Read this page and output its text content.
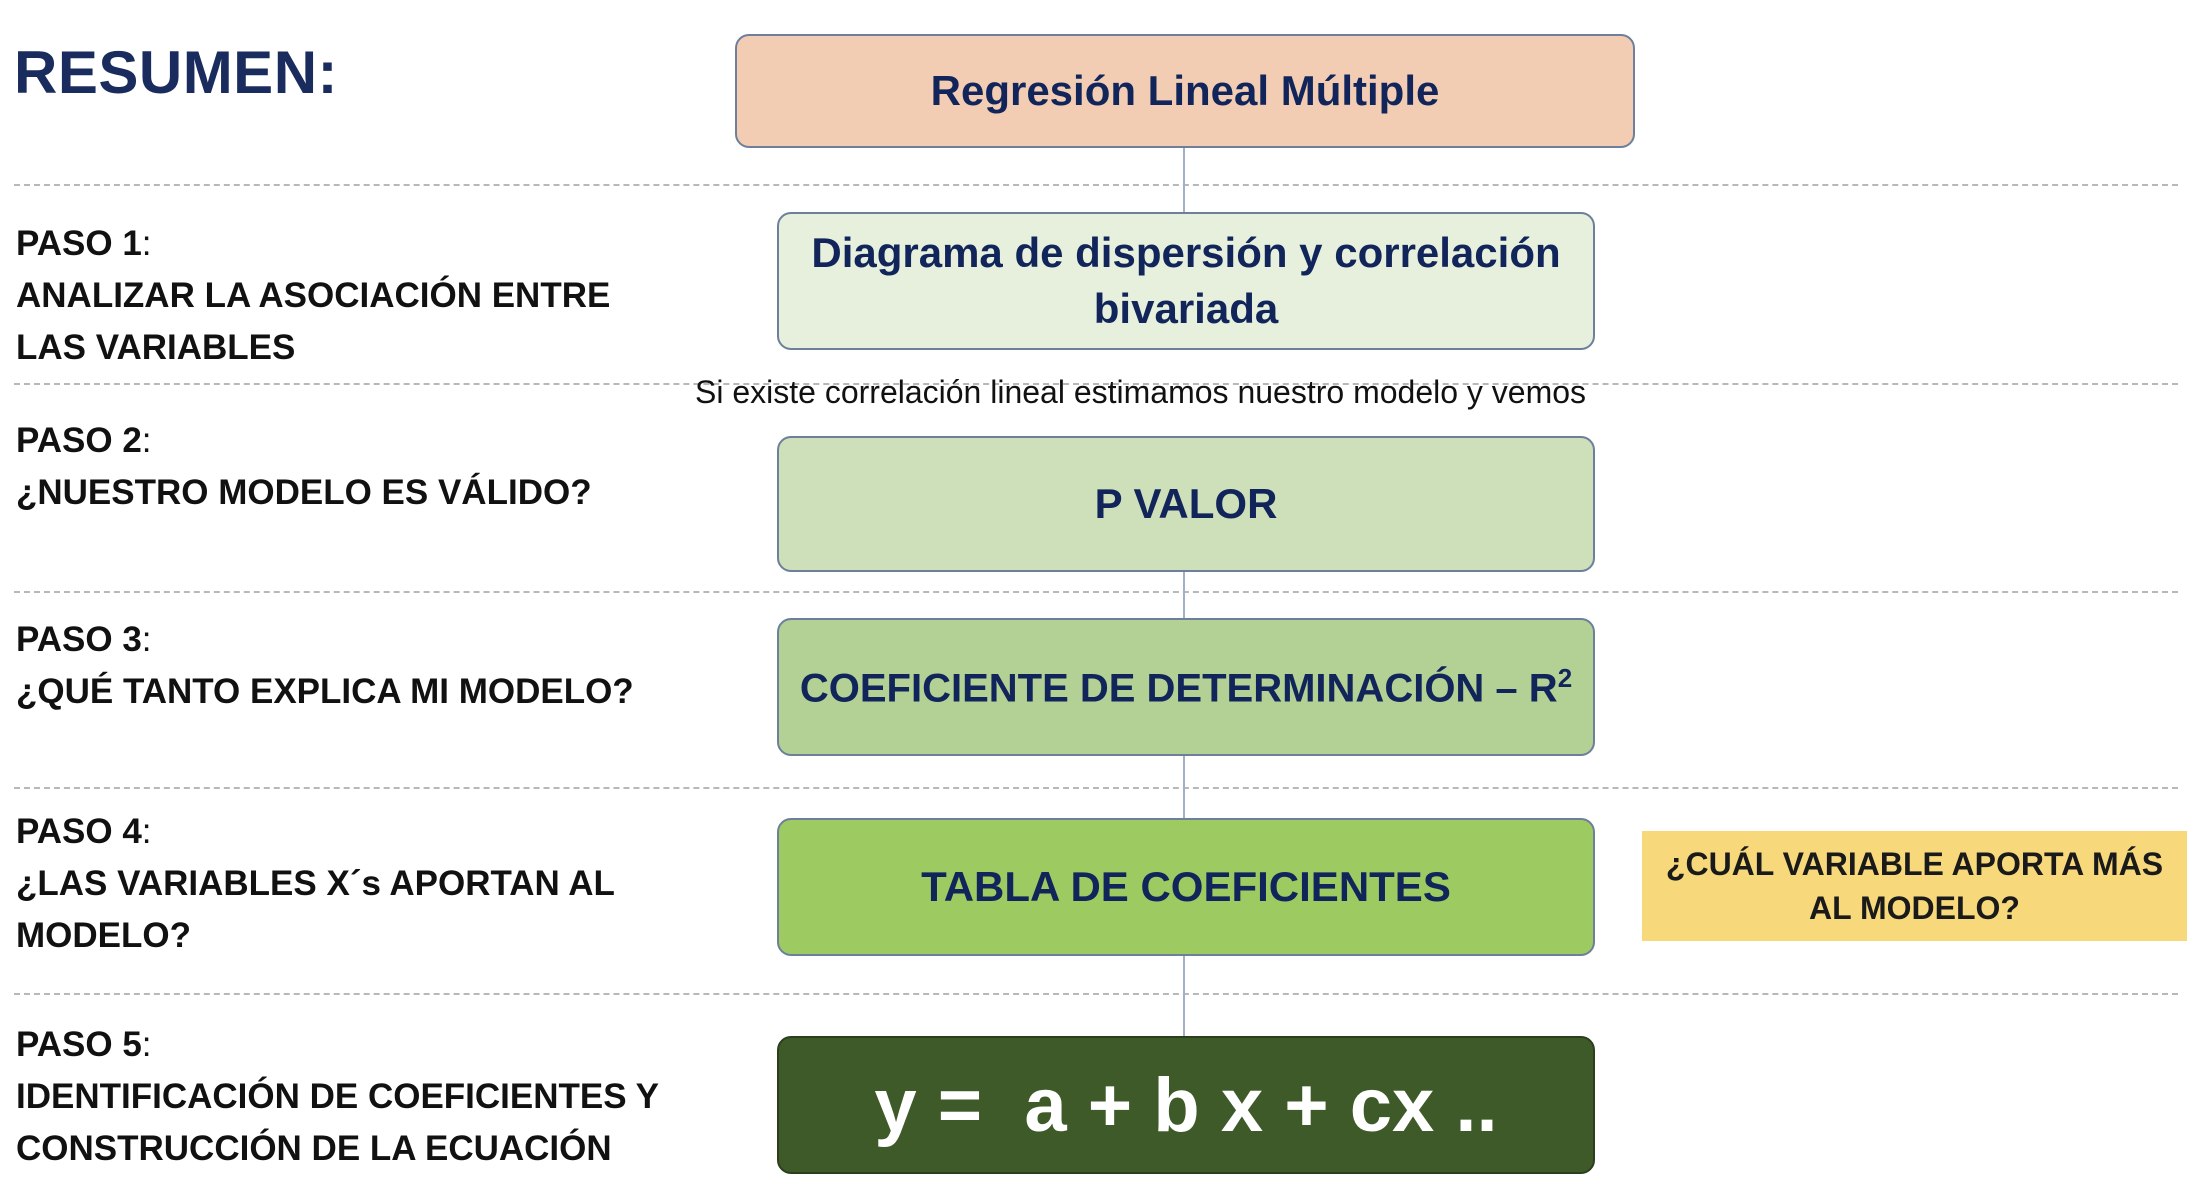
RESUMEN:	Regresión Lineal Múltiple
PASO 1:
ANALIZAR LA ASOCIACIÓN ENTRE
LAS VARIABLES
Diagrama de dispersión y correlación
bivariada
Si existe correlación lineal estimamos nuestro modelo y vemos
PASO 2:
¿NUESTRO MODELO ES VÁLIDO?	P VALOR
PASO 3:
¿QUÉ TANTO EXPLICA MI MODELO?	COEFICIENTE DE DETERMINACIÓN – $R^2$
PASO 4:
¿LAS VARIABLES X´s APORTAN AL
MODELO?
TABLA DE COEFICIENTES	¿CUÁL VARIABLE APORTA MÁS
AL MODELO?
PASO 5:
IDENTIFICACIÓN DE COEFICIENTES Y
CONSTRUCCIÓN DE LA ECUACIÓN
y =  a + b x + cx ..
